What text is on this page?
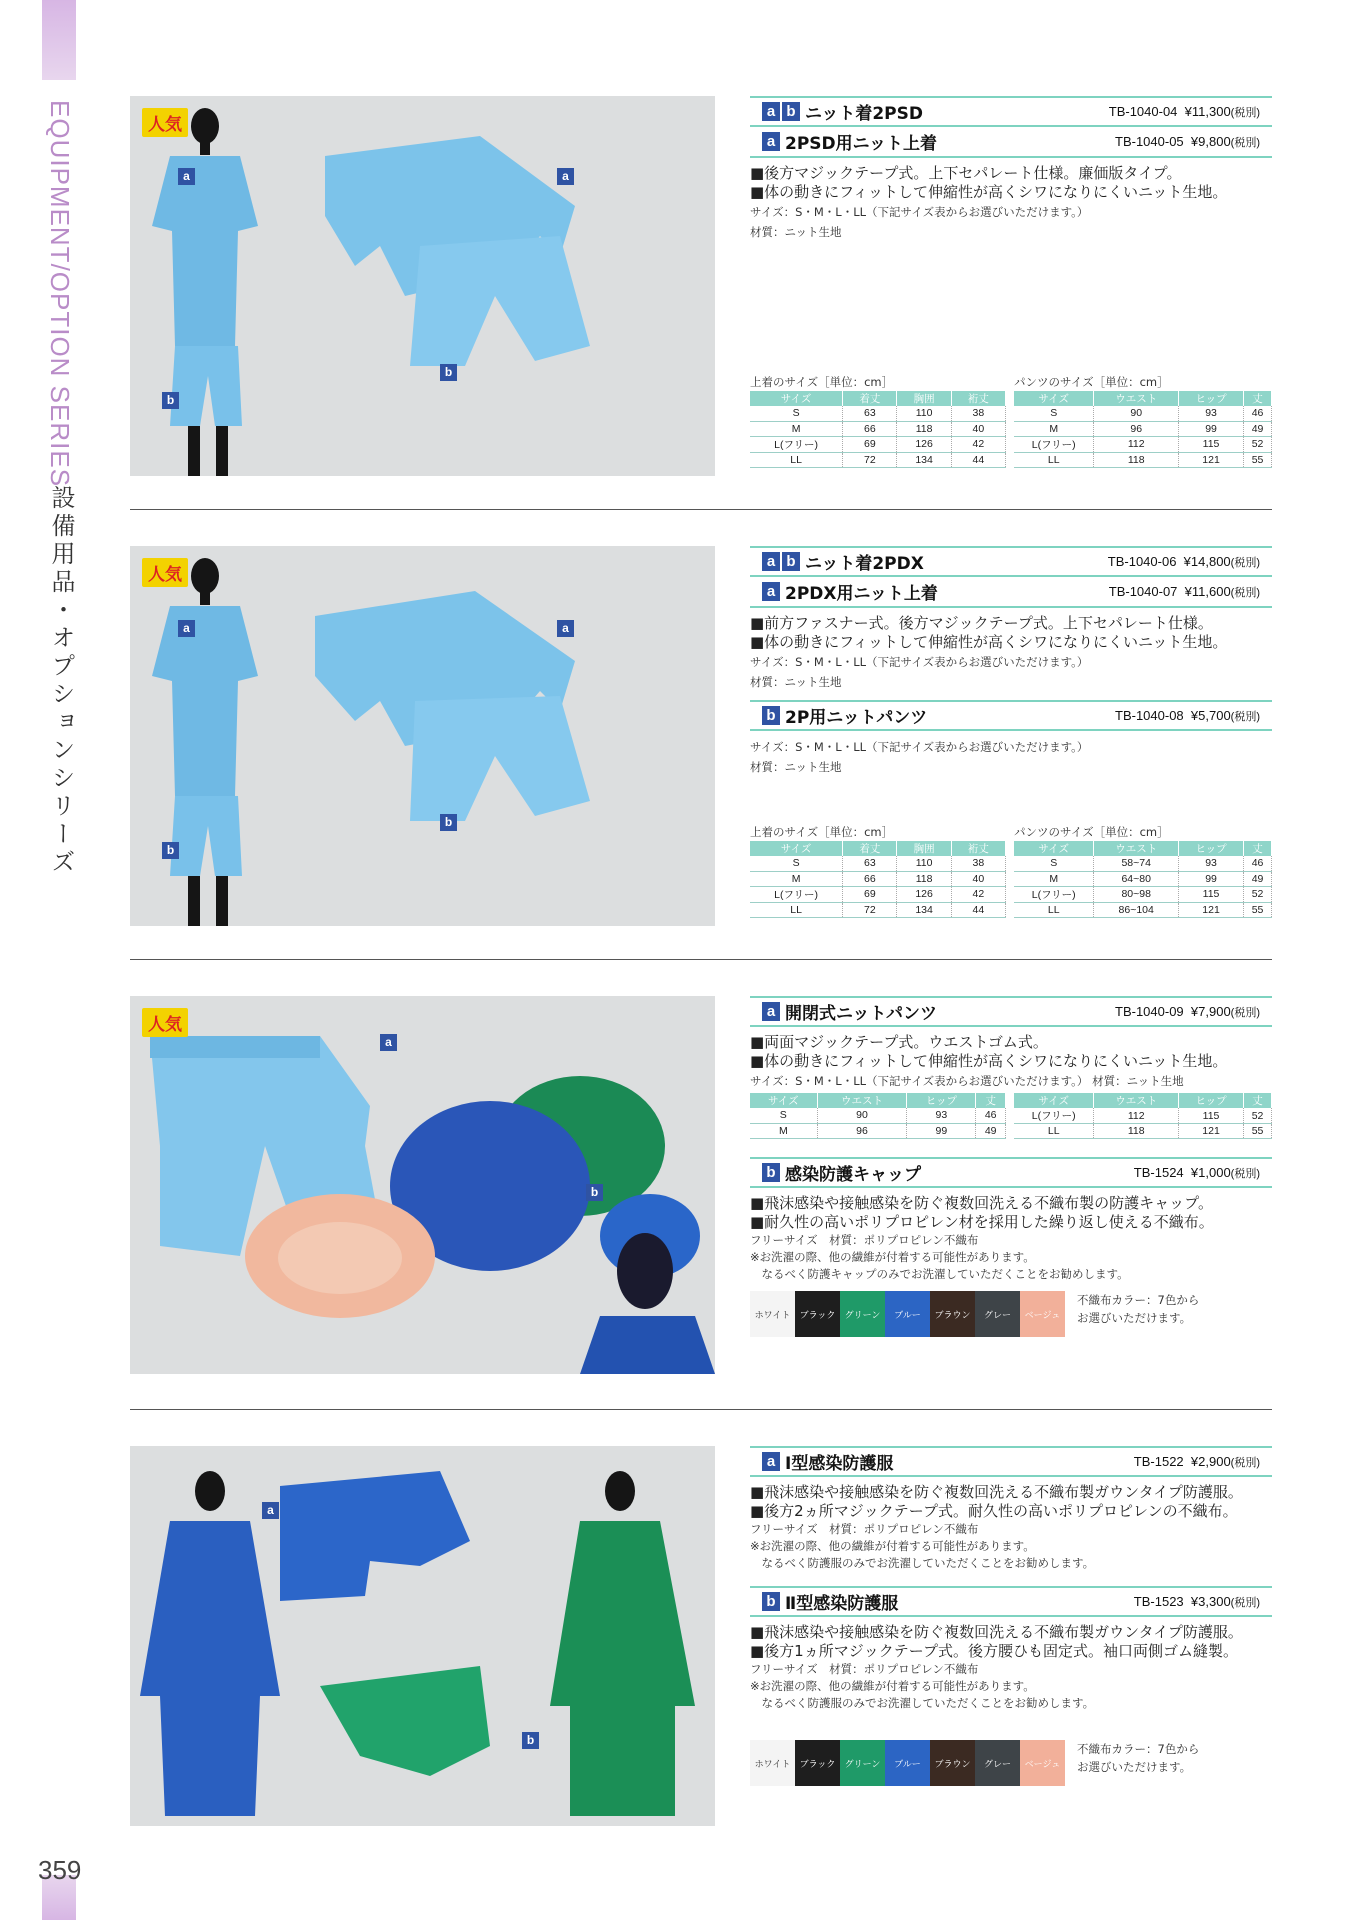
EQUIPMENT/OPTION SERIES
設備用品・オプションシリーズ
359
人気
a	a
b
b
a b ニット着2PSD	TB-1040-04 ¥11,300(税別)
a 2PSD用ニット上着	TB-1040-05 ¥9,800(税別)
■後方マジックテープ式。上下セパレート仕様。廉価版タイプ。
■体の動きにフィットして伸縮性が高くシワになりにくいニット生地。
サイズ：S・M・L・LL（下記サイズ表からお選びいただけます。）
材質：ニット生地
上着のサイズ［単位：cm］
サイズ	着丈	胸囲	裄丈
S	63	110	38
M	66	118	40
L(フリー)	69	126	42
LL	72	134	44
パンツのサイズ［単位：cm］
サイズ	ウエスト	ヒップ	丈
S	90	93	46
M	96	99	49
L(フリー)	112	115	52
LL	118	121	55
人気
a	a
b
b
a b ニット着2PDX	TB-1040-06 ¥14,800(税別)
a 2PDX用ニット上着	TB-1040-07 ¥11,600(税別)
■前方ファスナー式。後方マジックテープ式。上下セパレート仕様。
■体の動きにフィットして伸縮性が高くシワになりにくいニット生地。
サイズ：S・M・L・LL（下記サイズ表からお選びいただけます。）
材質：ニット生地
b 2P用ニットパンツ	TB-1040-08 ¥5,700(税別)
サイズ：S・M・L・LL（下記サイズ表からお選びいただけます。）
材質：ニット生地
上着のサイズ［単位：cm］
サイズ	着丈	胸囲	裄丈
S	63	110	38
M	66	118	40
L(フリー)	69	126	42
LL	72	134	44
パンツのサイズ［単位：cm］
サイズ	ウエスト	ヒップ	丈
S	58~74	93	46
M	64~80	99	49
L(フリー)	80~98	115	52
LL	86~104	121	55
人気
a
b
a 開閉式ニットパンツ	TB-1040-09 ¥7,900(税別)
■両面マジックテープ式。ウエストゴム式。
■体の動きにフィットして伸縮性が高くシワになりにくいニット生地。
サイズ：S・M・L・LL（下記サイズ表からお選びいただけます。） 材質：ニット生地
サイズ	ウエスト	ヒップ	丈
S	90	93	46
M	96	99	49
サイズ	ウエスト	ヒップ	丈
L(フリー)	112	115	52
LL	118	121	55
b 感染防護キャップ	TB-1524 ¥1,000(税別)
■飛沫感染や接触感染を防ぐ複数回洗える不織布製の防護キャップ。
■耐久性の高いポリプロピレン材を採用した繰り返し使える不織布。
フリーサイズ　材質：ポリプロピレン不織布
※お洗濯の際、他の繊維が付着する可能性があります。
　なるべく防護キャップのみでお洗濯していただくことをお勧めします。
ホワイト	ブラック	グリーン	ブルー	ブラウン	グレー	ベージュ
不織布カラー：7色から
お選びいただけます。
a
b
a Ⅰ型感染防護服	TB-1522 ¥2,900(税別)
■飛沫感染や接触感染を防ぐ複数回洗える不織布製ガウンタイプ防護服。
■後方2ヵ所マジックテープ式。耐久性の高いポリプロピレンの不織布。
フリーサイズ　材質：ポリプロピレン不織布
※お洗濯の際、他の繊維が付着する可能性があります。
　なるべく防護服のみでお洗濯していただくことをお勧めします。
b Ⅱ型感染防護服	TB-1523 ¥3,300(税別)
■飛沫感染や接触感染を防ぐ複数回洗える不織布製ガウンタイプ防護服。
■後方1ヵ所マジックテープ式。後方腰ひも固定式。袖口両側ゴム縫製。
フリーサイズ　材質：ポリプロピレン不織布
※お洗濯の際、他の繊維が付着する可能性があります。
　なるべく防護服のみでお洗濯していただくことをお勧めします。
ホワイト	ブラック	グリーン	ブルー	ブラウン	グレー	ベージュ
不織布カラー：7色から
お選びいただけます。
